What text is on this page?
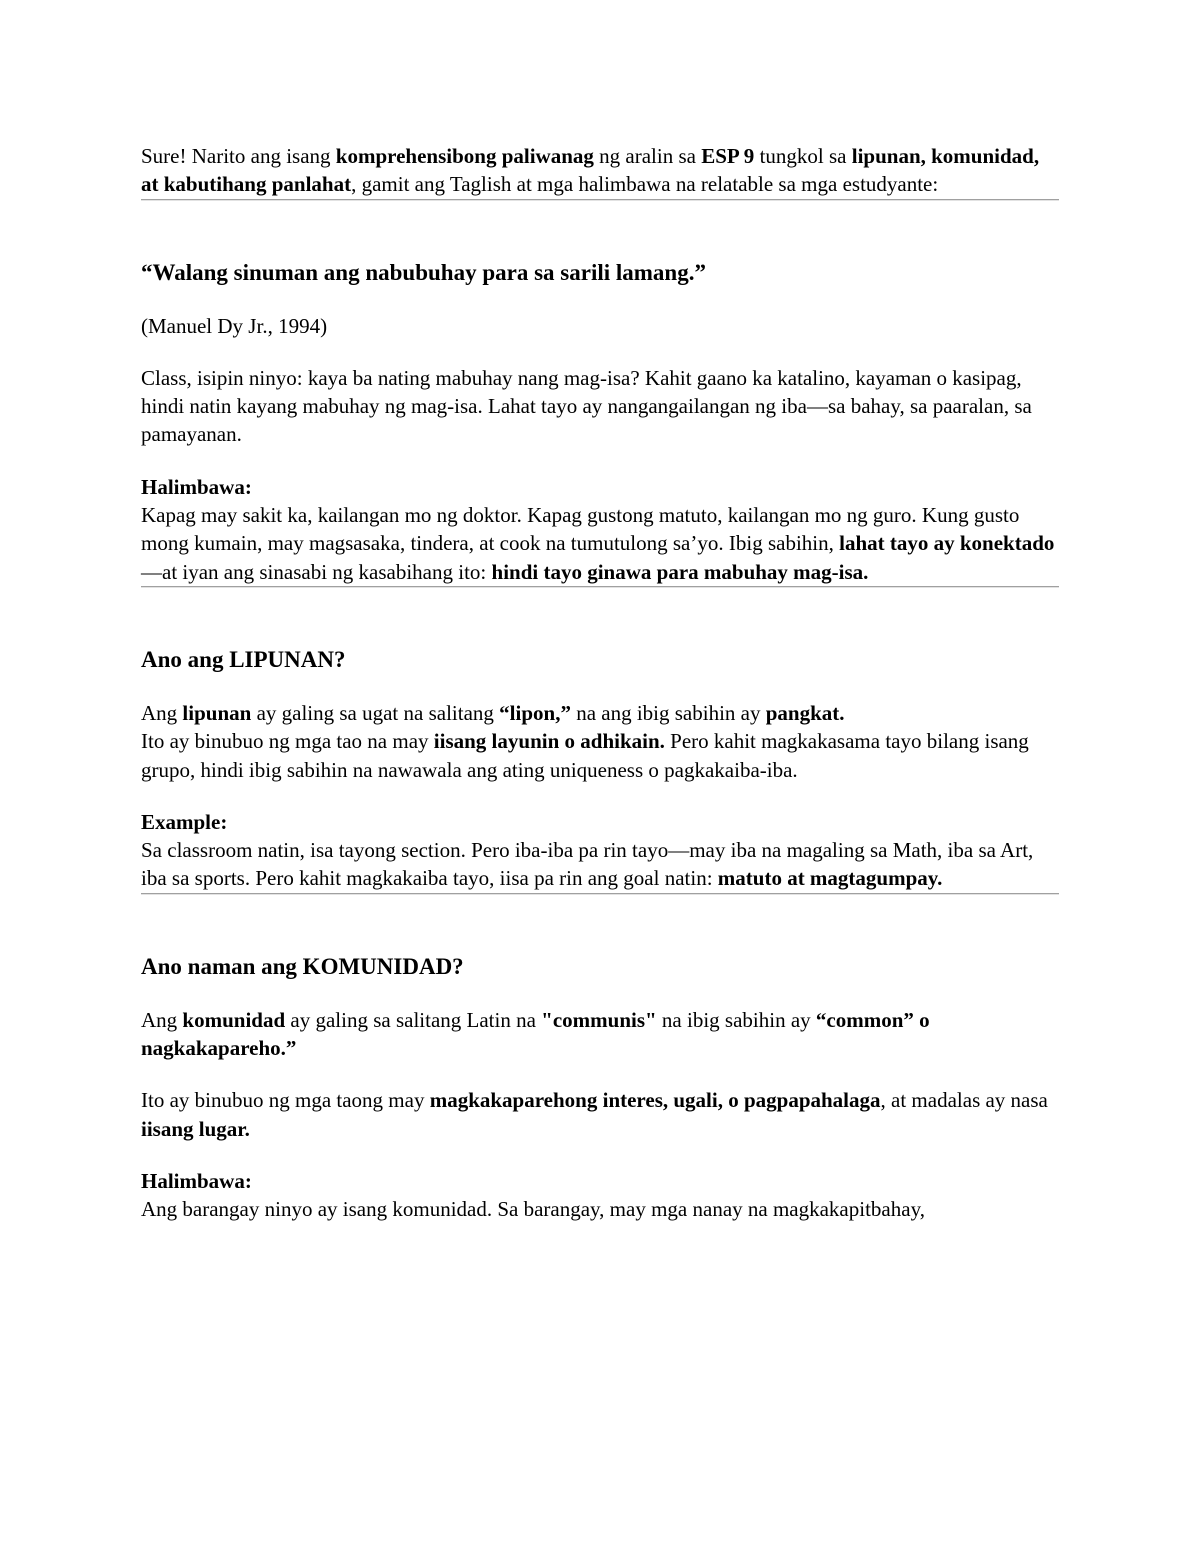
Sure! Narito ang isang komprehensibong paliwanag ng aralin sa ESP 9 tungkol sa lipunan, komunidad, at kabutihang panlahat, gamit ang Taglish at mga halimbawa na relatable sa mga estudyante:

“Walang sinuman ang nabubuhay para sa sarili lamang.”

(Manuel Dy Jr., 1994)

Class, isipin ninyo: kaya ba nating mabuhay nang mag-isa? Kahit gaano ka katalino, kayaman o kasipag, hindi natin kayang mabuhay ng mag-isa. Lahat tayo ay nangangailangan ng iba—sa bahay, sa paaralan, sa pamayanan.

Halimbawa:
Kapag may sakit ka, kailangan mo ng doktor. Kapag gustong matuto, kailangan mo ng guro. Kung gusto mong kumain, may magsasaka, tindera, at cook na tumutulong sa’yo. Ibig sabihin, lahat tayo ay konektado—at iyan ang sinasabi ng kasabihang ito: hindi tayo ginawa para mabuhay mag-isa.

Ano ang LIPUNAN?

Ang lipunan ay galing sa ugat na salitang “lipon,” na ang ibig sabihin ay pangkat.
Ito ay binubuo ng mga tao na may iisang layunin o adhikain. Pero kahit magkakasama tayo bilang isang grupo, hindi ibig sabihin na nawawala ang ating uniqueness o pagkakaiba-iba.

Example:
Sa classroom natin, isa tayong section. Pero iba-iba pa rin tayo—may iba na magaling sa Math, iba sa Art, iba sa sports. Pero kahit magkakaiba tayo, iisa pa rin ang goal natin: matuto at magtagumpay.

Ano naman ang KOMUNIDAD?

Ang komunidad ay galing sa salitang Latin na "communis" na ibig sabihin ay “common” o nagkakapareho.”

Ito ay binubuo ng mga taong may magkakaparehong interes, ugali, o pagpapahalaga, at madalas ay nasa iisang lugar.

Halimbawa:
Ang barangay ninyo ay isang komunidad. Sa barangay, may mga nanay na magkakapitbahay,
